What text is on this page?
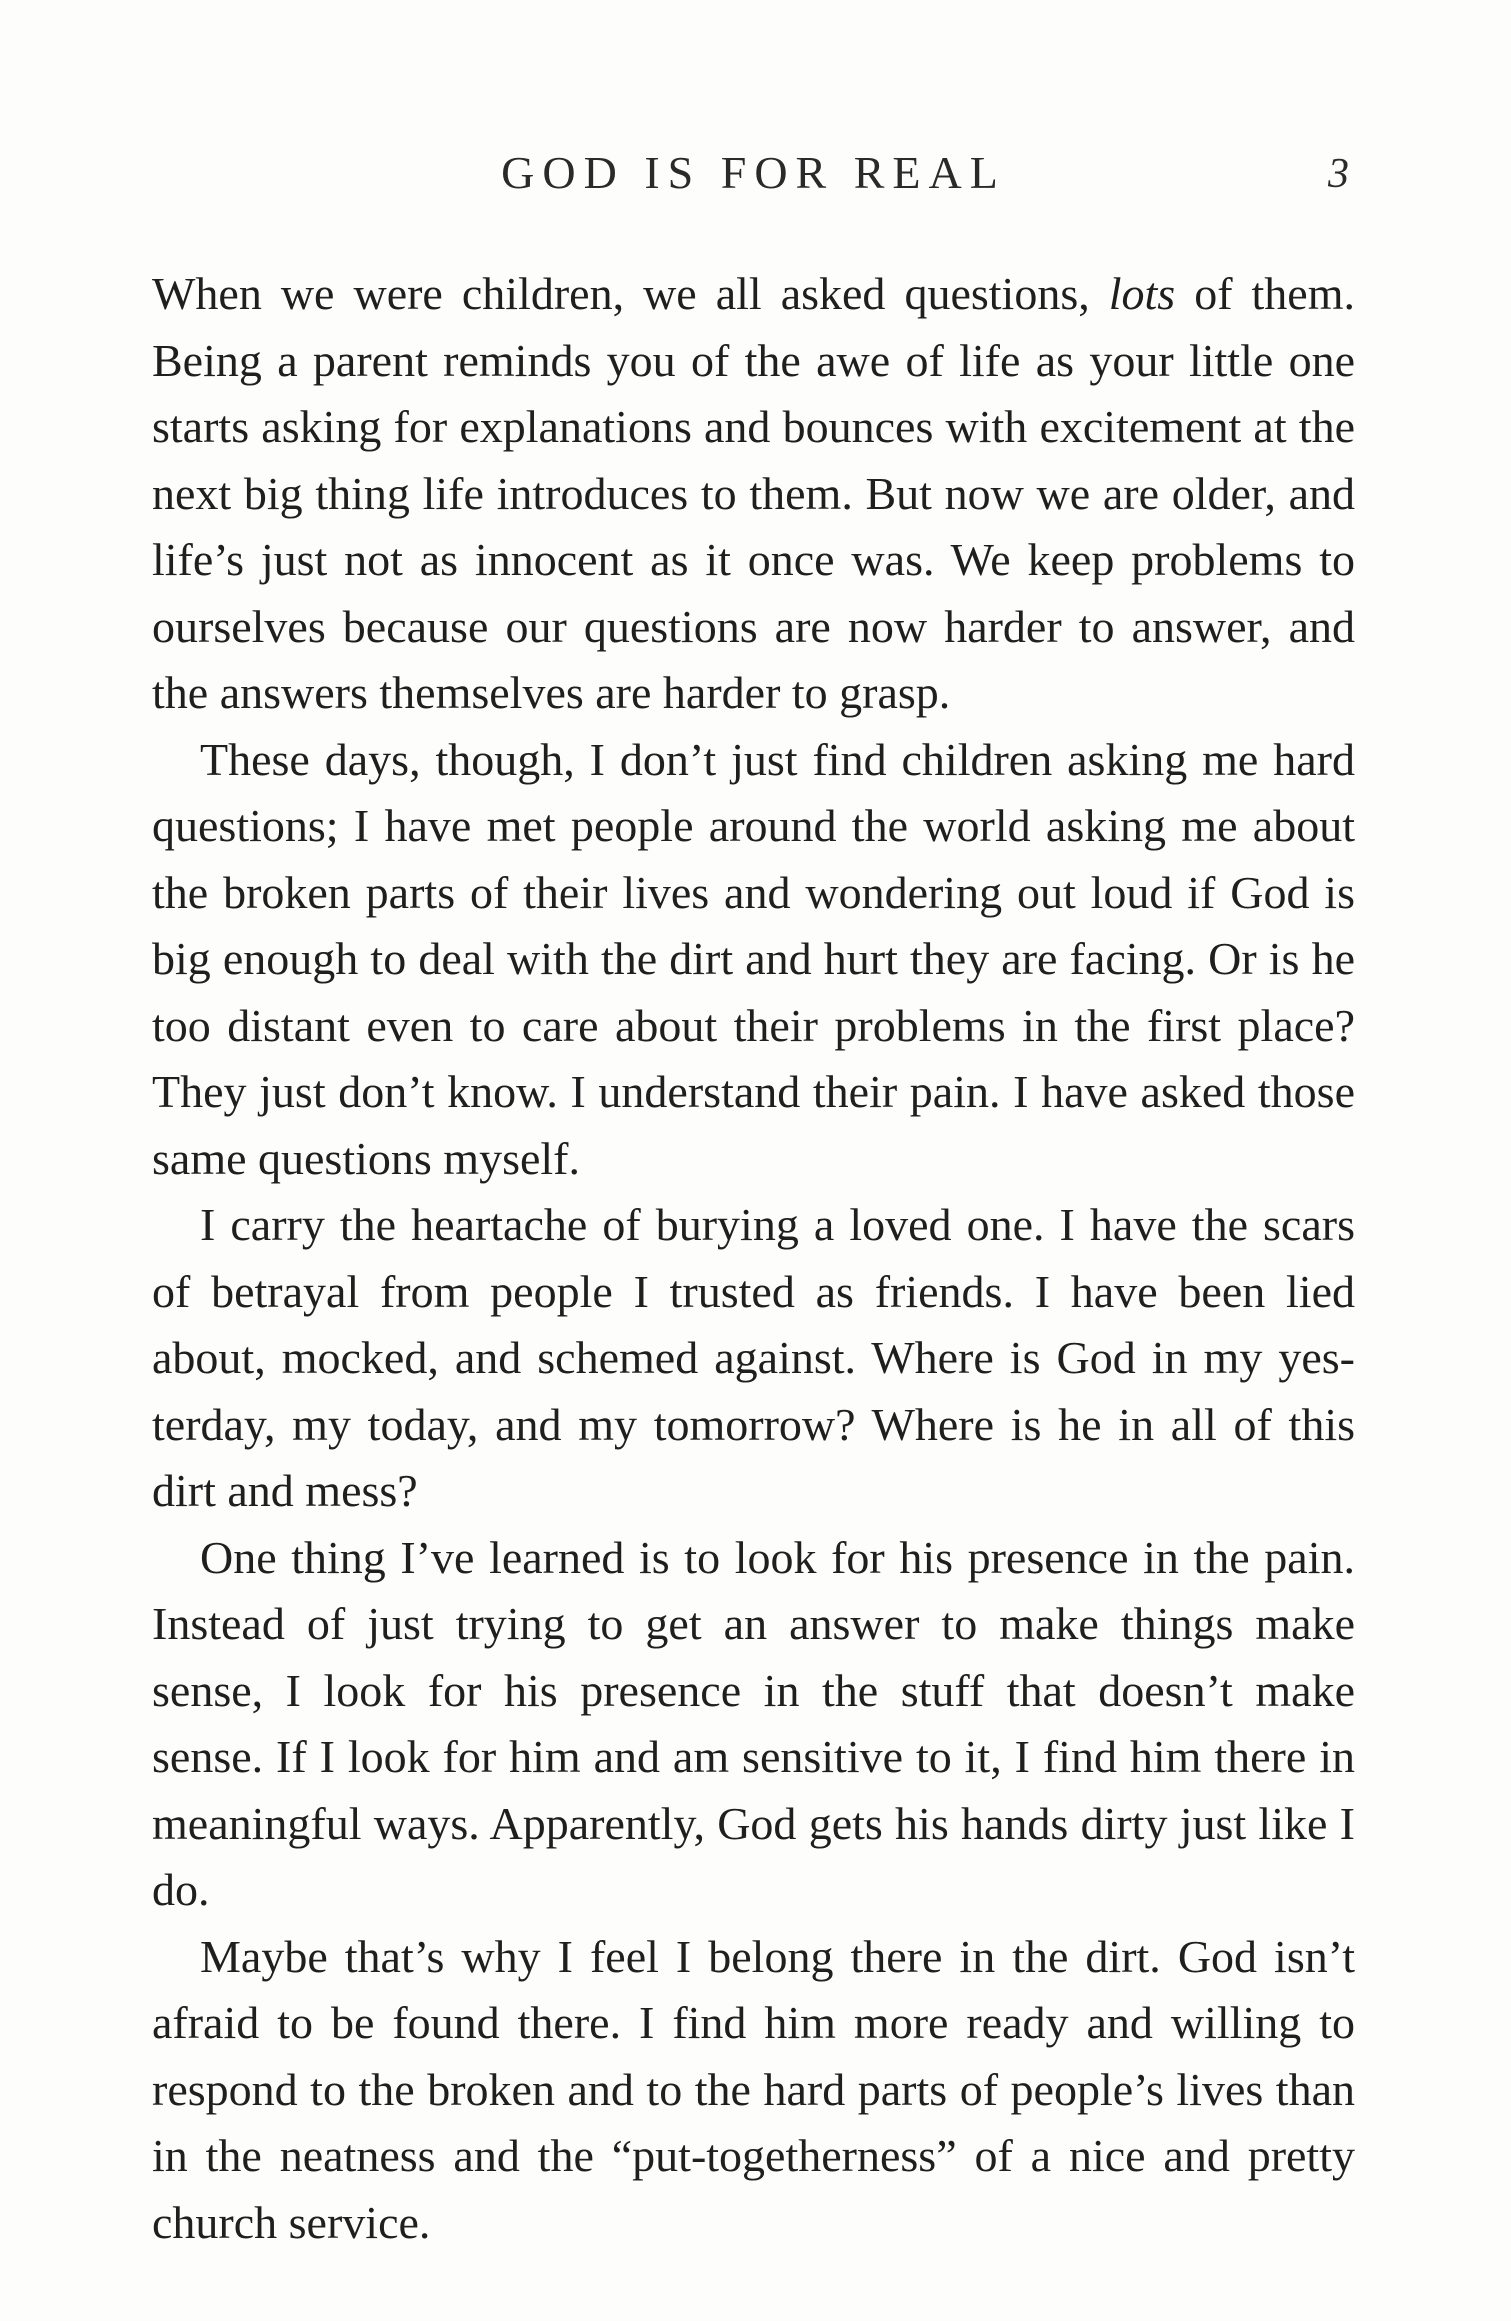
GOD IS FOR REAL	3

When we were children, we all asked questions, lots of them. Being a parent reminds you of the awe of life as your little one starts asking for explanations and bounces with excitement at the next big thing life introduces to them. But now we are older, and life’s just not as innocent as it once was. We keep problems to ourselves because our questions are now harder to answer, and the answers themselves are harder to grasp.

These days, though, I don’t just find children asking me hard questions; I have met people around the world asking me about the broken parts of their lives and wondering out loud if God is big enough to deal with the dirt and hurt they are facing. Or is he too distant even to care about their problems in the first place? They just don’t know. I understand their pain. I have asked those same questions myself.

I carry the heartache of burying a loved one. I have the scars of betrayal from people I trusted as friends. I have been lied about, mocked, and schemed against. Where is God in my yesterday, my today, and my tomorrow? Where is he in all of this dirt and mess?

One thing I’ve learned is to look for his presence in the pain. Instead of just trying to get an answer to make things make sense, I look for his presence in the stuff that doesn’t make sense. If I look for him and am sensitive to it, I find him there in meaningful ways. Apparently, God gets his hands dirty just like I do.

Maybe that’s why I feel I belong there in the dirt. God isn’t afraid to be found there. I find him more ready and willing to respond to the broken and to the hard parts of people’s lives than in the neatness and the “put-togetherness” of a nice and pretty church service.
